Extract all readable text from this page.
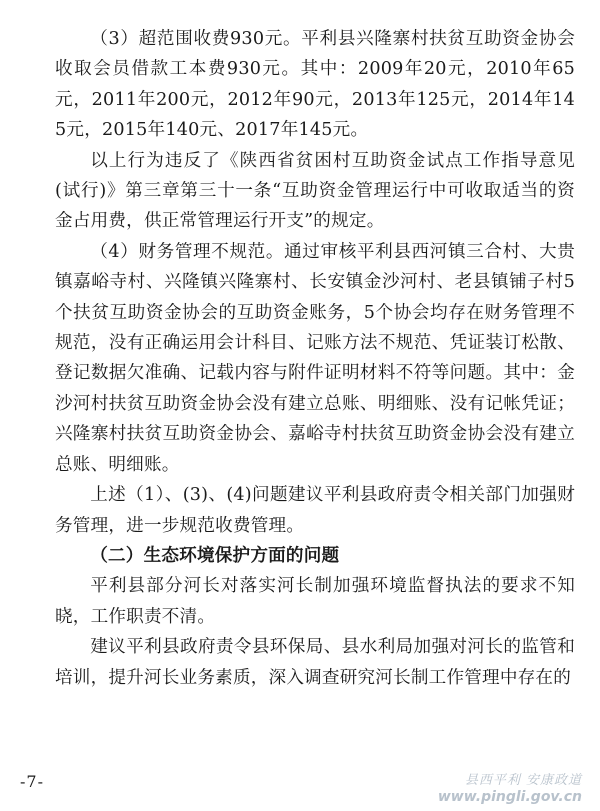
（3）超范围收费930元。平利县兴隆寨村扶贫互助资金协会收取会员借款工本费930元。其中：2009年20元，2010年65元，2011年200元，2012年90元，2013年125元，2014年145元，2015年140元、2017年145元。

以上行为违反了《陕西省贫困村互助资金试点工作指导意见(试行)》第三章第三十一条“互助资金管理运行中可收取适当的资金占用费，供正常管理运行开支”的规定。

（4）财务管理不规范。通过审核平利县西河镇三合村、大贵镇嘉峪寺村、兴隆镇兴隆寨村、长安镇金沙河村、老县镇铺子村5个扶贫互助资金协会的互助资金账务，5个协会均存在财务管理不规范，没有正确运用会计科目、记账方法不规范、凭证装订松散、登记数据欠准确、记载内容与附件证明材料不符等问题。其中：金沙河村扶贫互助资金协会没有建立总账、明细账、没有记帐凭证；兴隆寨村扶贫互助资金协会、嘉峪寺村扶贫互助资金协会没有建立总账、明细账。

上述（1）、(3)、(4)问题建议平利县政府责令相关部门加强财务管理，进一步规范收费管理。

（二）生态环境保护方面的问题

平利县部分河长对落实河长制加强环境监督执法的要求不知晓，工作职责不清。

建议平利县政府责令县环保局、县水利局加强对河长的监管和培训，提升河长业务素质，深入调查研究河长制工作管理中存在的

-7-	县西平利 安康政道
www.pingli.gov.cn
